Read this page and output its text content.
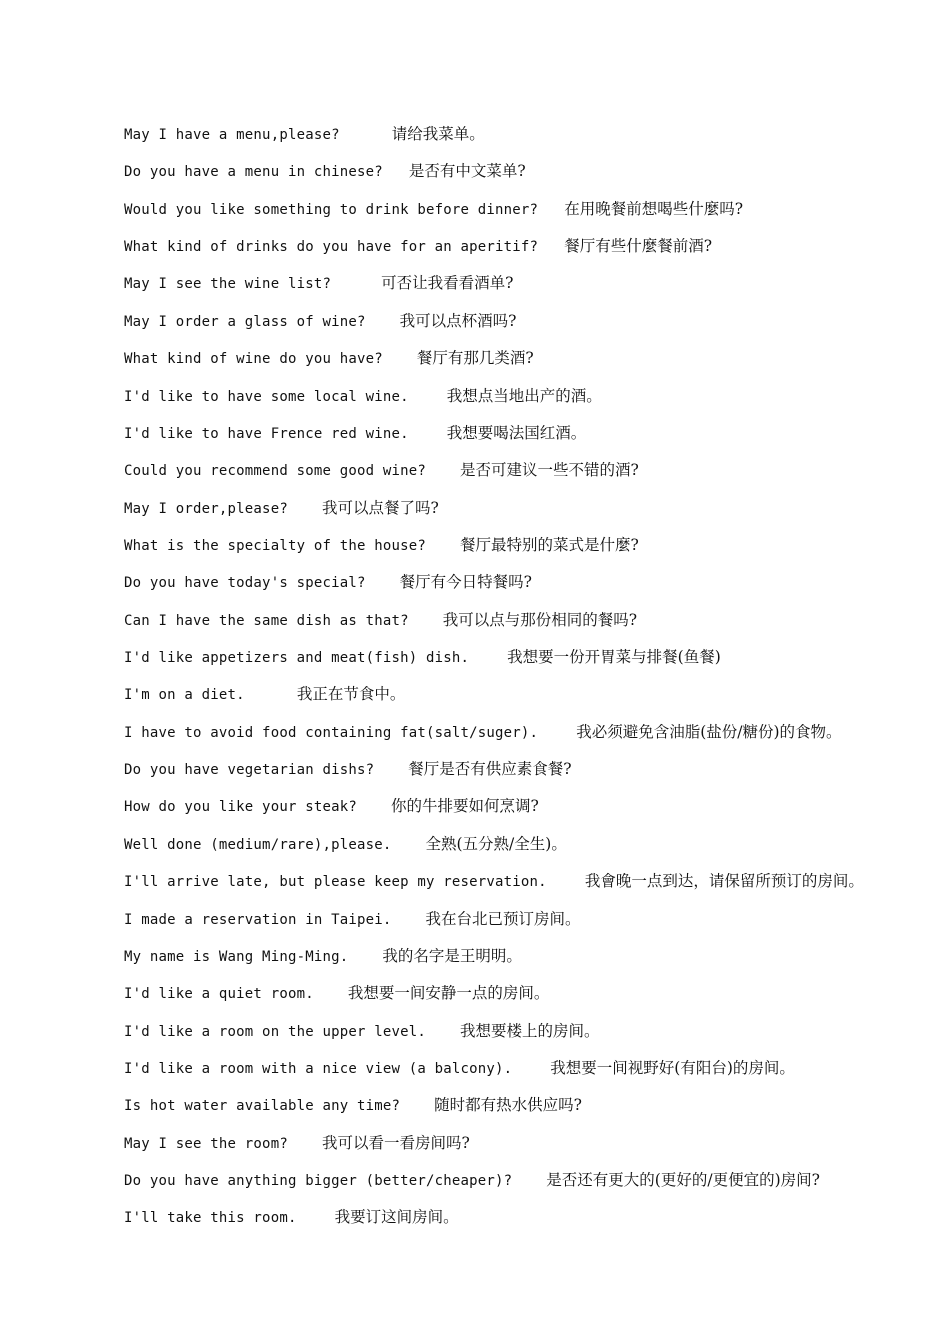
May I have a menu,please?	请给我菜单。
Do you have a menu in chinese? 是否有中文菜单?
Would you like something to drink before dinner? 在用晚餐前想喝些什麼吗?
What kind of drinks do you have for an aperitif? 餐厅有些什麼餐前酒?
May I see the wine list?	可否让我看看酒单?
May I order a glass of wine? 我可以点杯酒吗?
What kind of wine do you have? 餐厅有那几类酒?
I'd like to have some local wine. 我想点当地出产的酒。
I'd like to have Frence red wine. 我想要喝法国红酒。
Could you recommend some good wine? 是否可建议一些不错的酒?
May I order,please? 我可以点餐了吗?
What is the specialty of the house? 餐厅最特别的菜式是什麼?
Do you have today's special? 餐厅有今日特餐吗?
Can I have the same dish as that? 我可以点与那份相同的餐吗?
I'd like appetizers and meat(fish) dish. 我想要一份开胃菜与排餐(鱼餐)
I'm on a diet.	我正在节食中。
I have to avoid food containing fat(salt/suger). 我必须避免含油脂(盐份/糖份)的食物。
Do you have vegetarian dishs? 餐厅是否有供应素食餐?
How do you like your steak? 你的牛排要如何烹调?
Well done (medium/rare),please. 全熟(五分熟/全生)。
I'll arrive late, but please keep my reservation. 我會晚一点到达，请保留所预订的房间。
I made a reservation in Taipei. 我在台北已预订房间。
My name is Wang Ming-Ming. 我的名字是王明明。
I'd like a quiet room. 我想要一间安静一点的房间。
I'd like a room on the upper level. 我想要楼上的房间。
I'd like a room with a nice view (a balcony). 我想要一间视野好(有阳台)的房间。
Is hot water available any time? 随时都有热水供应吗?
May I see the room? 我可以看一看房间吗?
Do you have anything bigger (better/cheaper)? 是否还有更大的(更好的/更便宜的)房间?
I'll take this room. 我要订这间房间。
